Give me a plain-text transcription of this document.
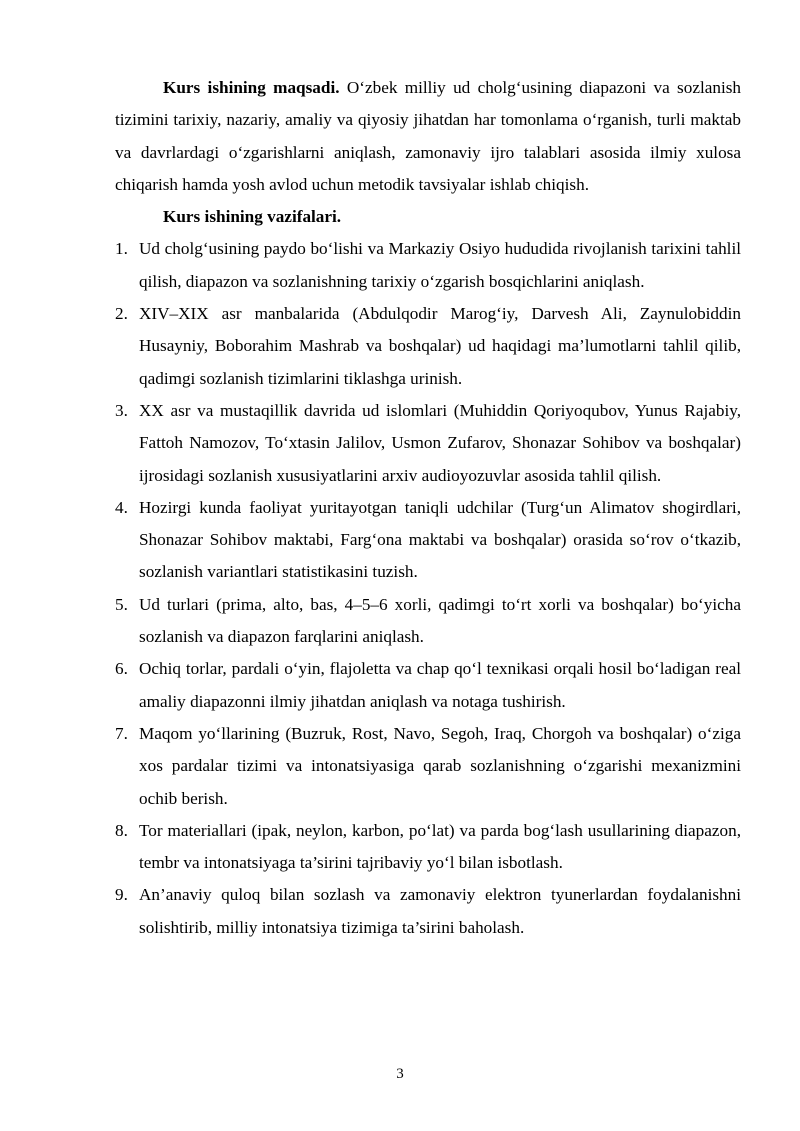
Kurs ishining maqsadi. O‘zbek milliy ud cholg‘usining diapazoni va sozlanish tizimini tarixiy, nazariy, amaliy va qiyosiy jihatdan har tomonlama o‘rganish, turli maktab va davrlardagi o‘zgarishlarni aniqlash, zamonaviy ijro talablari asosida ilmiy xulosa chiqarish hamda yosh avlod uchun metodik tavsiyalar ishlab chiqish.

Kurs ishining vazifalari.

1. Ud cholg‘usining paydo bo‘lishi va Markaziy Osiyo hududida rivojlanish tarixini tahlil qilish, diapazon va sozlanishning tarixiy o‘zgarish bosqichlarini aniqlash.
2. XIV–XIX asr manbalarida (Abdulqodir Marog‘iy, Darvesh Ali, Zaynulobiddin Husayniy, Boborahim Mashrab va boshqalar) ud haqidagi ma’lumotlarni tahlil qilib, qadimgi sozlanish tizimlarini tiklashga urinish.
3. XX asr va mustaqillik davrida ud islomlari (Muhiddin Qoriyoqubov, Yunus Rajabiy, Fattoh Namozov, To‘xtasin Jalilov, Usmon Zufarov, Shonazar Sohibov va boshqalar) ijrosidagi sozlanish xususiyatlarini arxiv audioyozuvlar asosida tahlil qilish.
4. Hozirgi kunda faoliyat yuritayotgan taniqli udchilar (Turg‘un Alimatov shogirdlari, Shonazar Sohibov maktabi, Farg‘ona maktabi va boshqalar) orasida so‘rov o‘tkazib, sozlanish variantlari statistikasini tuzish.
5. Ud turlari (prima, alto, bas, 4–5–6 xorli, qadimgi to‘rt xorli va boshqalar) bo‘yicha sozlanish va diapazon farqlarini aniqlash.
6. Ochiq torlar, pardali o‘yin, flajoletta va chap qo‘l texnikasi orqali hosil bo‘ladigan real amaliy diapazonni ilmiy jihatdan aniqlash va notaga tushirish.
7. Maqom yo‘llarining (Buzruk, Rost, Navo, Segoh, Iraq, Chorgoh va boshqalar) o‘ziga xos pardalar tizimi va intonatsiyasiga qarab sozlanishning o‘zgarishi mexanizmini ochib berish.
8. Tor materiallari (ipak, neylon, karbon, po‘lat) va parda bog‘lash usullarining diapazon, tembr va intonatsiyaga ta’sirini tajribaviy yo‘l bilan isbotlash.
9. An’anaviy quloq bilan sozlash va zamonaviy elektron tyunerlardan foydalanishni solishtirib, milliy intonatsiya tizimiga ta’sirini baholash.
3
